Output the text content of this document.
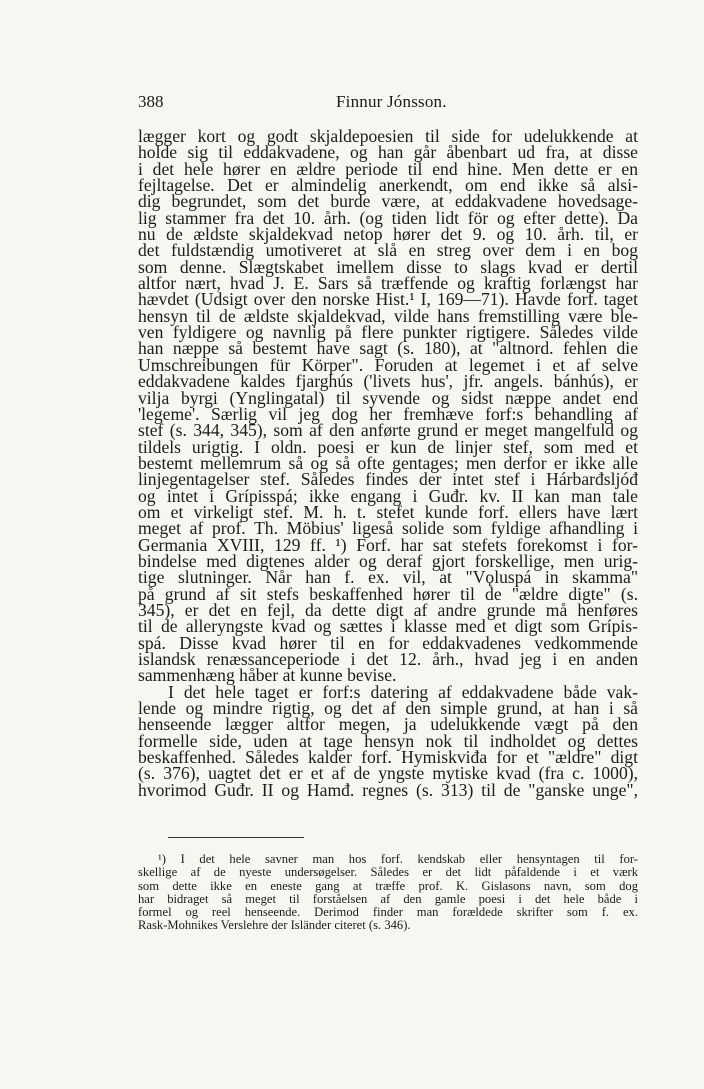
388	Finnur Jónsson.
lægger kort og godt skjaldepoesien til side for udelukkende at
holde sig til eddakvadene, og han går åbenbart ud fra, at disse
i det hele hører en ældre periode til end hine. Men dette er en
fejltagelse. Det er almindelig anerkendt, om end ikke så alsi-
dig begrundet, som det burde være, at eddakvadene hovedsage-
lig stammer fra det 10. årh. (og tiden lidt för og efter dette). Da
nu de ældste skjaldekvad netop hører det 9. og 10. årh. til, er
det fuldstændig umotiveret at slå en streg over dem i en bog
som denne. Slægtskabet imellem disse to slags kvad er dertil
altfor nært, hvad J. E. Sars så træffende og kraftig forlængst har
hævdet (Udsigt over den norske Hist.¹ I, 169—71). Havde forf. taget
hensyn til de ældste skjaldekvad, vilde hans fremstilling være ble-
ven fyldigere og navnlig på flere punkter rigtigere. Således vilde
han næppe så bestemt have sagt (s. 180), at "altnord. fehlen die
Umschreibungen für Körper". Foruden at legemet i et af selve
eddakvadene kaldes fjarghús ('livets hus', jfr. angels. bánhús), er
vilja byrgi (Ynglingatal) til syvende og sidst næppe andet end
'legeme'. Særlig vil jeg dog her fremhæve forf:s behandling af
stef (s. 344, 345), som af den anførte grund er meget mangelfuld og
tildels urigtig. I oldn. poesi er kun de linjer stef, som med et
bestemt mellemrum så og så ofte gentages; men derfor er ikke alle
linjegentagelser stef. Således findes der intet stef i Hárbarđsljóđ
og intet i Grípisspá; ikke engang i Guđr. kv. II kan man tale
om et virkeligt stef. M. h. t. stefet kunde forf. ellers have lært
meget af prof. Th. Möbius' ligeså solide som fyldige afhandling i
Germania XVIII, 129 ff. ¹) Forf. har sat stefets forekomst i for-
bindelse med digtenes alder og deraf gjort forskellige, men urig-
tige slutninger. Når han f. ex. vil, at "Vǫluspá in skamma"
på grund af sit stefs beskaffenhed hører til de "ældre digte" (s.
345), er det en fejl, da dette digt af andre grunde må henføres
til de alleryngste kvad og sættes i klasse med et digt som Grípis-
spá. Disse kvad hører til en for eddakvadenes vedkommende
islandsk renæssanceperiode i det 12. årh., hvad jeg i en anden
sammenhæng håber at kunne bevise.
I det hele taget er forf:s datering af eddakvadene både vak-
lende og mindre rigtig, og det af den simple grund, at han i så
henseende lægger altfor megen, ja udelukkende vægt på den
formelle side, uden at tage hensyn nok til indholdet og dettes
beskaffenhed. Således kalder forf. Hymiskviđa for et "ældre" digt
(s. 376), uagtet det er et af de yngste mytiske kvad (fra c. 1000),
hvorimod Guđr. II og Hamđ. regnes (s. 313) til de "ganske unge",
¹) I det hele savner man hos forf. kendskab eller hensyntagen til for-
skellige af de nyeste undersøgelser. Således er det lidt påfaldende i et værk
som dette ikke en eneste gang at træffe prof. K. Gislasons navn, som dog
har bidraget så meget til forståelsen af den gamle poesi i det hele både i
formel og reel henseende. Derimod finder man forældede skrifter som f. ex.
Rask-Mohnikes Verslehre der Isländer citeret (s. 346).
